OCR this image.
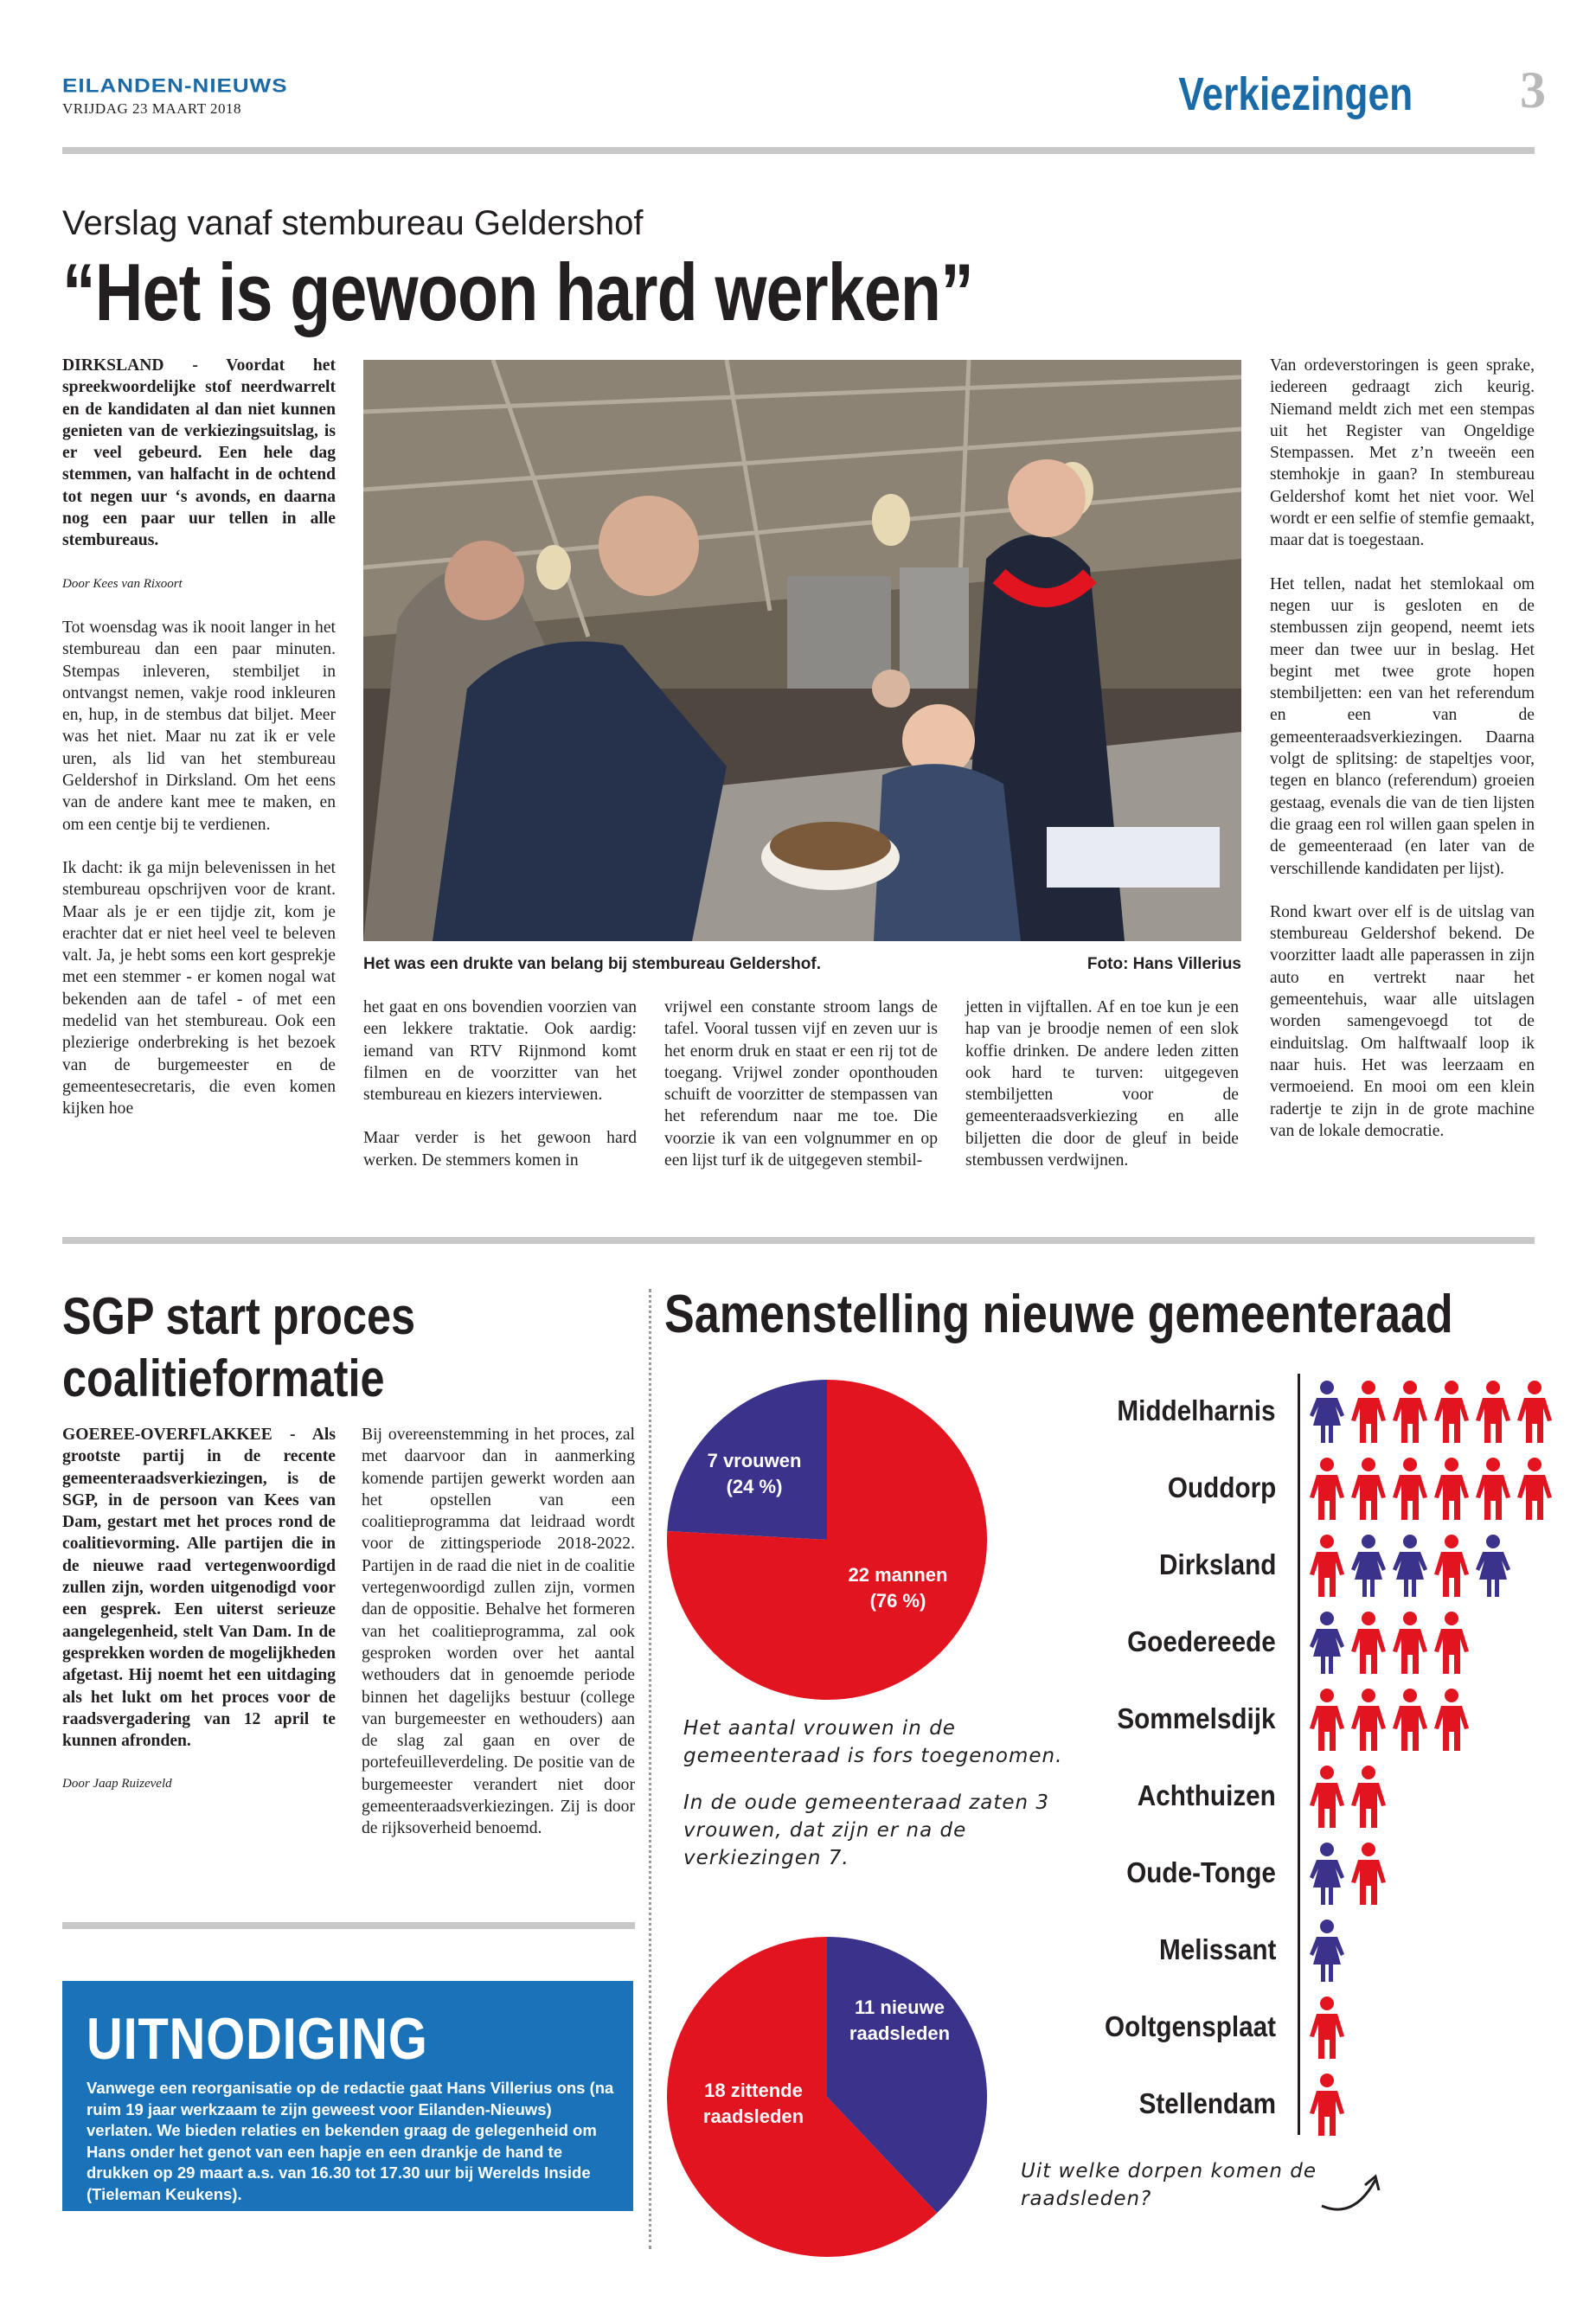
EILANDEN-NIEUWS
VRIJDAG 23 MAART 2018	Verkiezingen 3
Verslag vanaf stembureau Geldershof
“Het is gewoon hard werken”

DIRKSLAND - Voordat het spreekwoordelijke stof neerdwarrelt en de kandidaten al dan niet kunnen genieten van de verkiezingsuitslag, is er veel gebeurd. Een hele dag stemmen, van halfacht in de ochtend tot negen uur ‘s avonds, en daarna nog een paar uur tellen in alle stembureaus.

Door Kees van Rixoort

Tot woensdag was ik nooit langer in het stembureau dan een paar minuten. Stempas inleveren, stembiljet in ontvangst nemen, vakje rood inkleuren en, hup, in de stembus dat biljet. Meer was het niet. Maar nu zat ik er vele uren, als lid van het stembureau Geldershof in Dirksland. Om het eens van de andere kant mee te maken, en om een centje bij te verdienen.

Ik dacht: ik ga mijn belevenissen in het stembureau opschrijven voor de krant. Maar als je er een tijdje zit, kom je erachter dat er niet heel veel te beleven valt. Ja, je hebt soms een kort gesprekje met een stemmer - er komen nogal wat bekenden aan de tafel - of met een medelid van het stembureau. Ook een plezierige onderbreking is het bezoek van de burgemeester en de gemeentesecretaris, die even komen kijken hoe

Het was een drukte van belang bij stembureau Geldershof.	Foto: Hans Villerius

het gaat en ons bovendien voorzien van een lekkere traktatie. Ook aardig: iemand van RTV Rijnmond komt filmen en de voorzitter van het stembureau en kiezers interviewen.

Maar verder is het gewoon hard werken. De stemmers komen in

vrijwel een constante stroom langs de tafel. Vooral tussen vijf en zeven uur is het enorm druk en staat er een rij tot de toegang. Vrijwel zonder oponthouden schuift de voorzitter de stempassen van het referendum naar me toe. Die voorzie ik van een volgnummer en op een lijst turf ik de uitgegeven stembil-

jetten in vijftallen. Af en toe kun je een hap van je broodje nemen of een slok koffie drinken. De andere leden zitten ook hard te turven: uitgegeven stembiljetten voor de gemeenteraadsverkiezing en alle biljetten die door de gleuf in beide stembussen verdwijnen.

Van ordeverstoringen is geen sprake, iedereen gedraagt zich keurig. Niemand meldt zich met een stempas uit het Register van Ongeldige Stempassen. Met z’n tweeën een stemhokje in gaan? In stembureau Geldershof komt het niet voor. Wel wordt er een selfie of stemfie gemaakt, maar dat is toegestaan.

Het tellen, nadat het stemlokaal om negen uur is gesloten en de stembussen zijn geopend, neemt iets meer dan twee uur in beslag. Het begint met twee grote hopen stembiljetten: een van het referendum en een van de gemeenteraadsverkiezingen. Daarna volgt de splitsing: de stapeltjes voor, tegen en blanco (referendum) groeien gestaag, evenals die van de tien lijsten die graag een rol willen gaan spelen in de gemeenteraad (en later van de verschillende kandidaten per lijst).

Rond kwart over elf is de uitslag van stembureau Geldershof bekend. De voorzitter laadt alle paperassen in zijn auto en vertrekt naar het gemeentehuis, waar alle uitslagen worden samengevoegd tot de einduitslag. Om halftwaalf loop ik naar huis. Het was leerzaam en vermoeiend. En mooi om een klein radertje te zijn in de grote machine van de lokale democratie.

SGP start proces coalitieformatie

GOEREE-OVERFLAKKEE - Als grootste partij in de recente gemeenteraadsverkiezingen, is de SGP, in de persoon van Kees van Dam, gestart met het proces rond de coalitievorming. Alle partijen die in de nieuwe raad vertegenwoordigd zullen zijn, worden uitgenodigd voor een gesprek. Een uiterst serieuze aangelegenheid, stelt Van Dam. In de gesprekken worden de mogelijkheden afgetast. Hij noemt het een uitdaging als het lukt om het proces voor de raadsvergadering van 12 april te kunnen afronden.

Door Jaap Ruizeveld

Bij overeenstemming in het proces, zal met daarvoor dan in aanmerking komende partijen gewerkt worden aan het opstellen van een coalitieprogramma dat leidraad wordt voor de zittingsperiode 2018-2022. Partijen in de raad die niet in de coalitie vertegenwoordigd zullen zijn, vormen dan de oppositie. Behalve het formeren van het coalitieprogramma, zal ook gesproken worden over het aantal wethouders dat in genoemde periode binnen het dagelijks bestuur (college van burgemeester en wethouders) aan de slag zal gaan en over de portefeuilleverdeling. De positie van de burgemeester verandert niet door gemeenteraadsverkiezingen. Zij is door de rijksoverheid benoemd.

UITNODIGING
Vanwege een reorganisatie op de redactie gaat Hans Villerius ons (na ruim 19 jaar werkzaam te zijn geweest voor Eilanden-Nieuws) verlaten. We bieden relaties en bekenden graag de gelegenheid om Hans onder het genot van een hapje en een drankje de hand te drukken op 29 maart a.s. van 16.30 tot 17.30 uur bij Werelds Inside (Tieleman Keukens).
Samenstelling nieuwe gemeenteraad
7 vrouwen
(24 %)
22 mannen
(76 %)
Het aantal vrouwen in de gemeenteraad is fors toegenomen.
In de oude gemeenteraad zaten 3 vrouwen, dat zijn er na de verkiezingen 7.
11 nieuwe
raadsleden
18 zittende
raadsleden
Middelharnis
Ouddorp
Dirksland
Goedereede
Sommelsdijk
Achthuizen
Oude-Tonge
Melissant
Ooltgensplaat
Stellendam
Uit welke dorpen komen de raadsleden?
